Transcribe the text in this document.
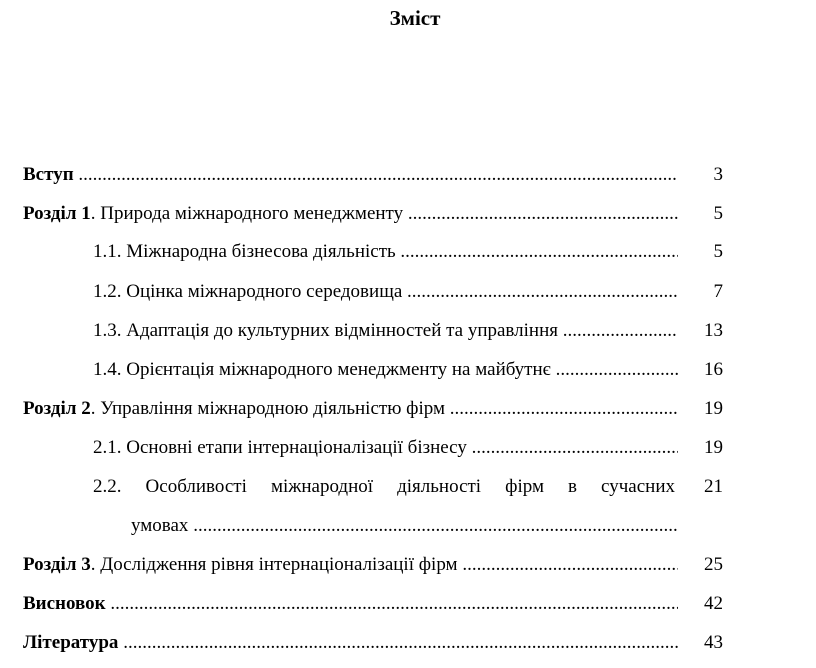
Зміст
Вступ .....	3
Розділ 1. Природа міжнародного менеджменту .....	5
1.1. Міжнародна бізнесова діяльність .....	5
1.2. Оцінка міжнародного середовища .....	7
1.3. Адаптація до культурних відмінностей та управління .....	13
1.4. Орієнтація міжнародного менеджменту на майбутнє .....	16
Розділ 2. Управління міжнародною діяльністю фірм .....	19
2.1. Основні етапи інтернаціоналізації бізнесу .....	19
2.2. Особливості міжнародної діяльності фірм в сучасних	21
умовах .....
Розділ 3. Дослідження рівня інтернаціоналізації фірм .....	25
Висновок .....	42
Література .....	43
